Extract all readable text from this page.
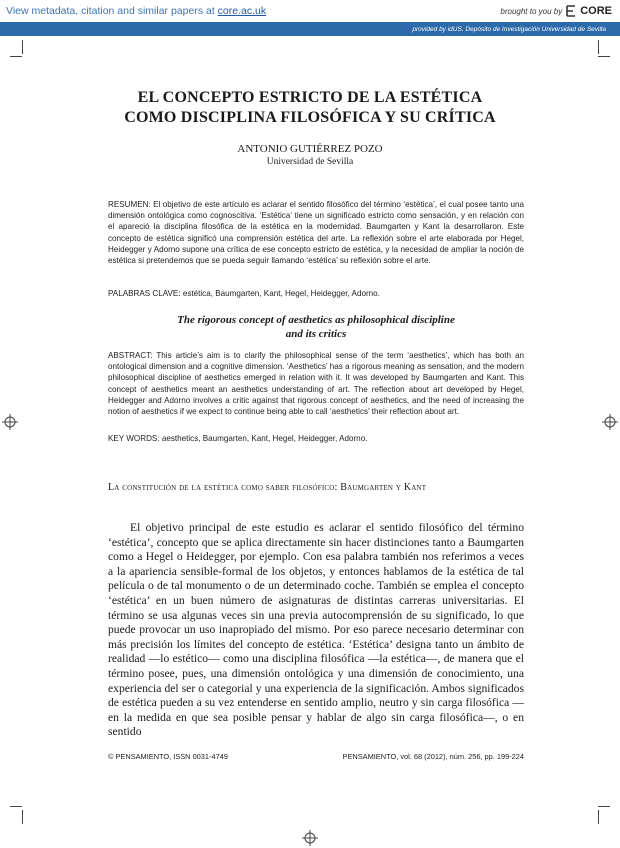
View metadata, citation and similar papers at core.ac.uk	brought to you by CORE
provided by idUS. Depósito de Investigación Universidad de Sevilla
EL CONCEPTO ESTRICTO DE LA ESTÉTICA
COMO DISCIPLINA FILOSÓFICA Y SU CRÍTICA
ANTONIO GUTIÉRREZ POZO
Universidad de Sevilla
RESUMEN: El objetivo de este artículo es aclarar el sentido filosófico del término ‘estética’, el cual posee tanto una dimensión ontológica como cognoscitiva. ‘Estética’ tiene un significado estricto como sensación, y en relación con el apareció la disciplina filosófica de la estética en la modernidad. Baumgarten y Kant la desarrollaron. Este concepto de estética significó una comprensión estética del arte. La reflexión sobre el arte elaborada por Hegel, Heidegger y Adorno supone una crítica de ese concepto estricto de estética, y la necesidad de ampliar la noción de estética si pretendemos que se pueda seguir llamando ‘estética’ su reflexión sobre el arte.
PALABRAS CLAVE: estética, Baumgarten, Kant, Hegel, Heidegger, Adorno.
The rigorous concept of aesthetics as philosophical discipline
and its critics
ABSTRACT: This article’s aim is to clarify the philosophical sense of the term ‘aesthetics’, which has both an ontological dimension and a cognitive dimension. ‘Aesthetics’ has a rigorous meaning as sensation, and the modern philosophical discipline of aesthetics emerged in relation with it. It was developed by Baumgarten and Kant. This concept of aesthetics meant an aesthetics understanding of art. The reflection about art developed by Hegel, Heidegger and Adorno involves a critic against that rigorous concept of aesthetics, and the need of increasing the notion of aesthetics if we expect to continue being able to call ‘aesthetics’ their reflection about art.
KEY WORDS: aesthetics, Baumgarten, Kant, Hegel, Heidegger, Adorno.
La constitución de la estética como saber filosófico: Baumgarten y Kant

El objetivo principal de este estudio es aclarar el sentido filosófico del término ‘estética’, concepto que se aplica directamente sin hacer distinciones tanto a Baumgarten como a Hegel o Heidegger, por ejemplo. Con esa palabra también nos referimos a veces a la apariencia sensible-formal de los objetos, y entonces hablamos de la estética de tal película o de tal monumento o de un determinado coche. También se emplea el concepto ‘estética’ en un buen número de asignaturas de distintas carreras universitarias. El término se usa algunas veces sin una previa autocomprensión de su significado, lo que puede provocar un uso inapropiado del mismo. Por eso parece necesario determinar con más precisión los límites del concepto de estética. ‘Estética’ designa tanto un ámbito de realidad —lo estético— como una disciplina filosófica —la estética—, de manera que el término posee, pues, una dimensión ontológica y una dimensión de conocimiento, una experiencia del ser o categorial y una experiencia de la significación. Ambos significados de estética pueden a su vez entenderse en sentido amplio, neutro y sin carga filosófica —en la medida en que sea posible pensar y hablar de algo sin carga filosófica—, o en sentido

© PENSAMIENTO, ISSN 0031-4749	PENSAMIENTO, vol. 68 (2012), núm. 256, pp. 199-224
